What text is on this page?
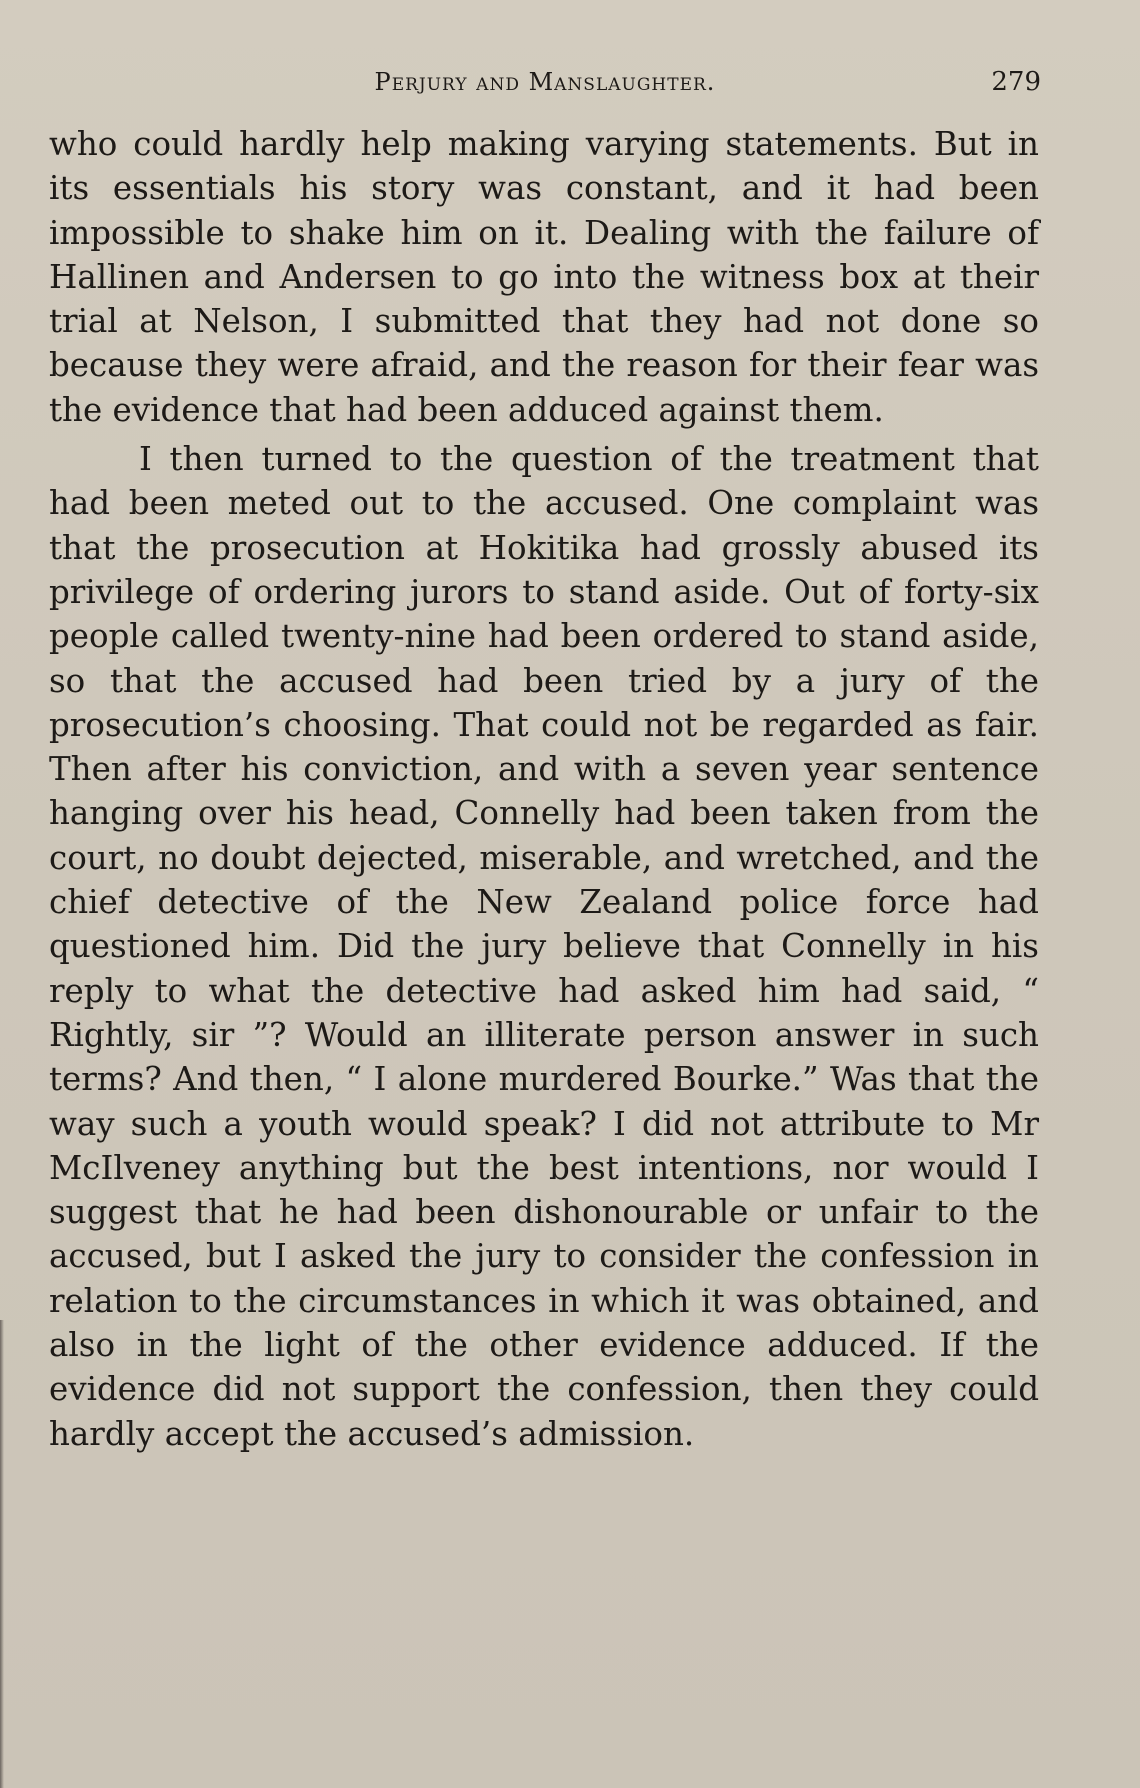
Perjury and Manslaughter.	279

who could hardly help making varying statements. But in its essentials his story was constant, and it had been impossible to shake him on it. Dealing with the failure of Hallinen and Andersen to go into the witness box at their trial at Nelson, I submitted that they had not done so because they were afraid, and the reason for their fear was the evidence that had been adduced against them.

I then turned to the question of the treatment that had been meted out to the accused. One complaint was that the prosecution at Hokitika had grossly abused its privilege of ordering jurors to stand aside. Out of forty-six people called twenty-nine had been ordered to stand aside, so that the accused had been tried by a jury of the prosecution’s choosing. That could not be regarded as fair. Then after his conviction, and with a seven year sentence hanging over his head, Connelly had been taken from the court, no doubt dejected, miserable, and wretched, and the chief detective of the New Zealand police force had questioned him. Did the jury believe that Connelly in his reply to what the detective had asked him had said, “ Rightly, sir ”? Would an illiterate person answer in such terms? And then, “ I alone murdered Bourke.” Was that the way such a youth would speak? I did not attribute to Mr McIlveney anything but the best intentions, nor would I suggest that he had been dishonourable or unfair to the accused, but I asked the jury to consider the confession in relation to the circumstances in which it was obtained, and also in the light of the other evidence adduced. If the evidence did not support the confession, then they could hardly accept the accused’s admission.
